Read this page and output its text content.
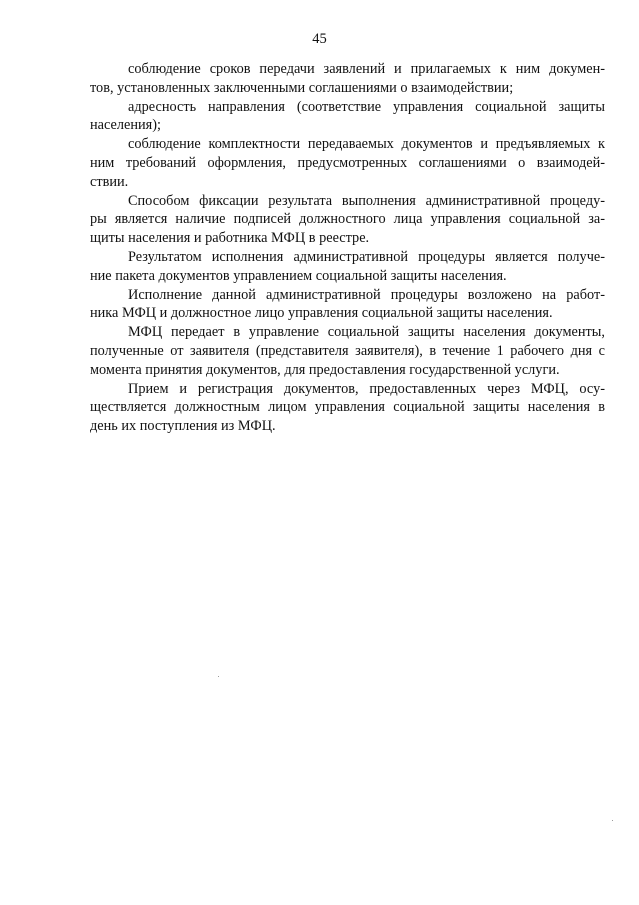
45
соблюдение сроков передачи заявлений и прилагаемых к ним докумен-
тов, установленных заключенными соглашениями о взаимодействии;
адресность направления (соответствие управления социальной защиты
населения);
соблюдение комплектности передаваемых документов и предъявляемых к
ним требований оформления, предусмотренных соглашениями о взаимодей-
ствии.
Способом фиксации результата выполнения административной процеду-
ры является наличие подписей должностного лица управления социальной за-
щиты населения и работника МФЦ в реестре.
Результатом исполнения административной процедуры является получе-
ние пакета документов управлением социальной защиты населения.
Исполнение данной административной процедуры возложено на работ-
ника МФЦ и должностное лицо управления социальной защиты населения.
МФЦ передает в управление социальной защиты населения документы,
полученные от заявителя (представителя заявителя), в течение 1 рабочего дня с
момента принятия документов, для предоставления государственной услуги.
Прием и регистрация документов, предоставленных через МФЦ, осу-
ществляется должностным лицом управления социальной защиты населения в
день их поступления из МФЦ.
